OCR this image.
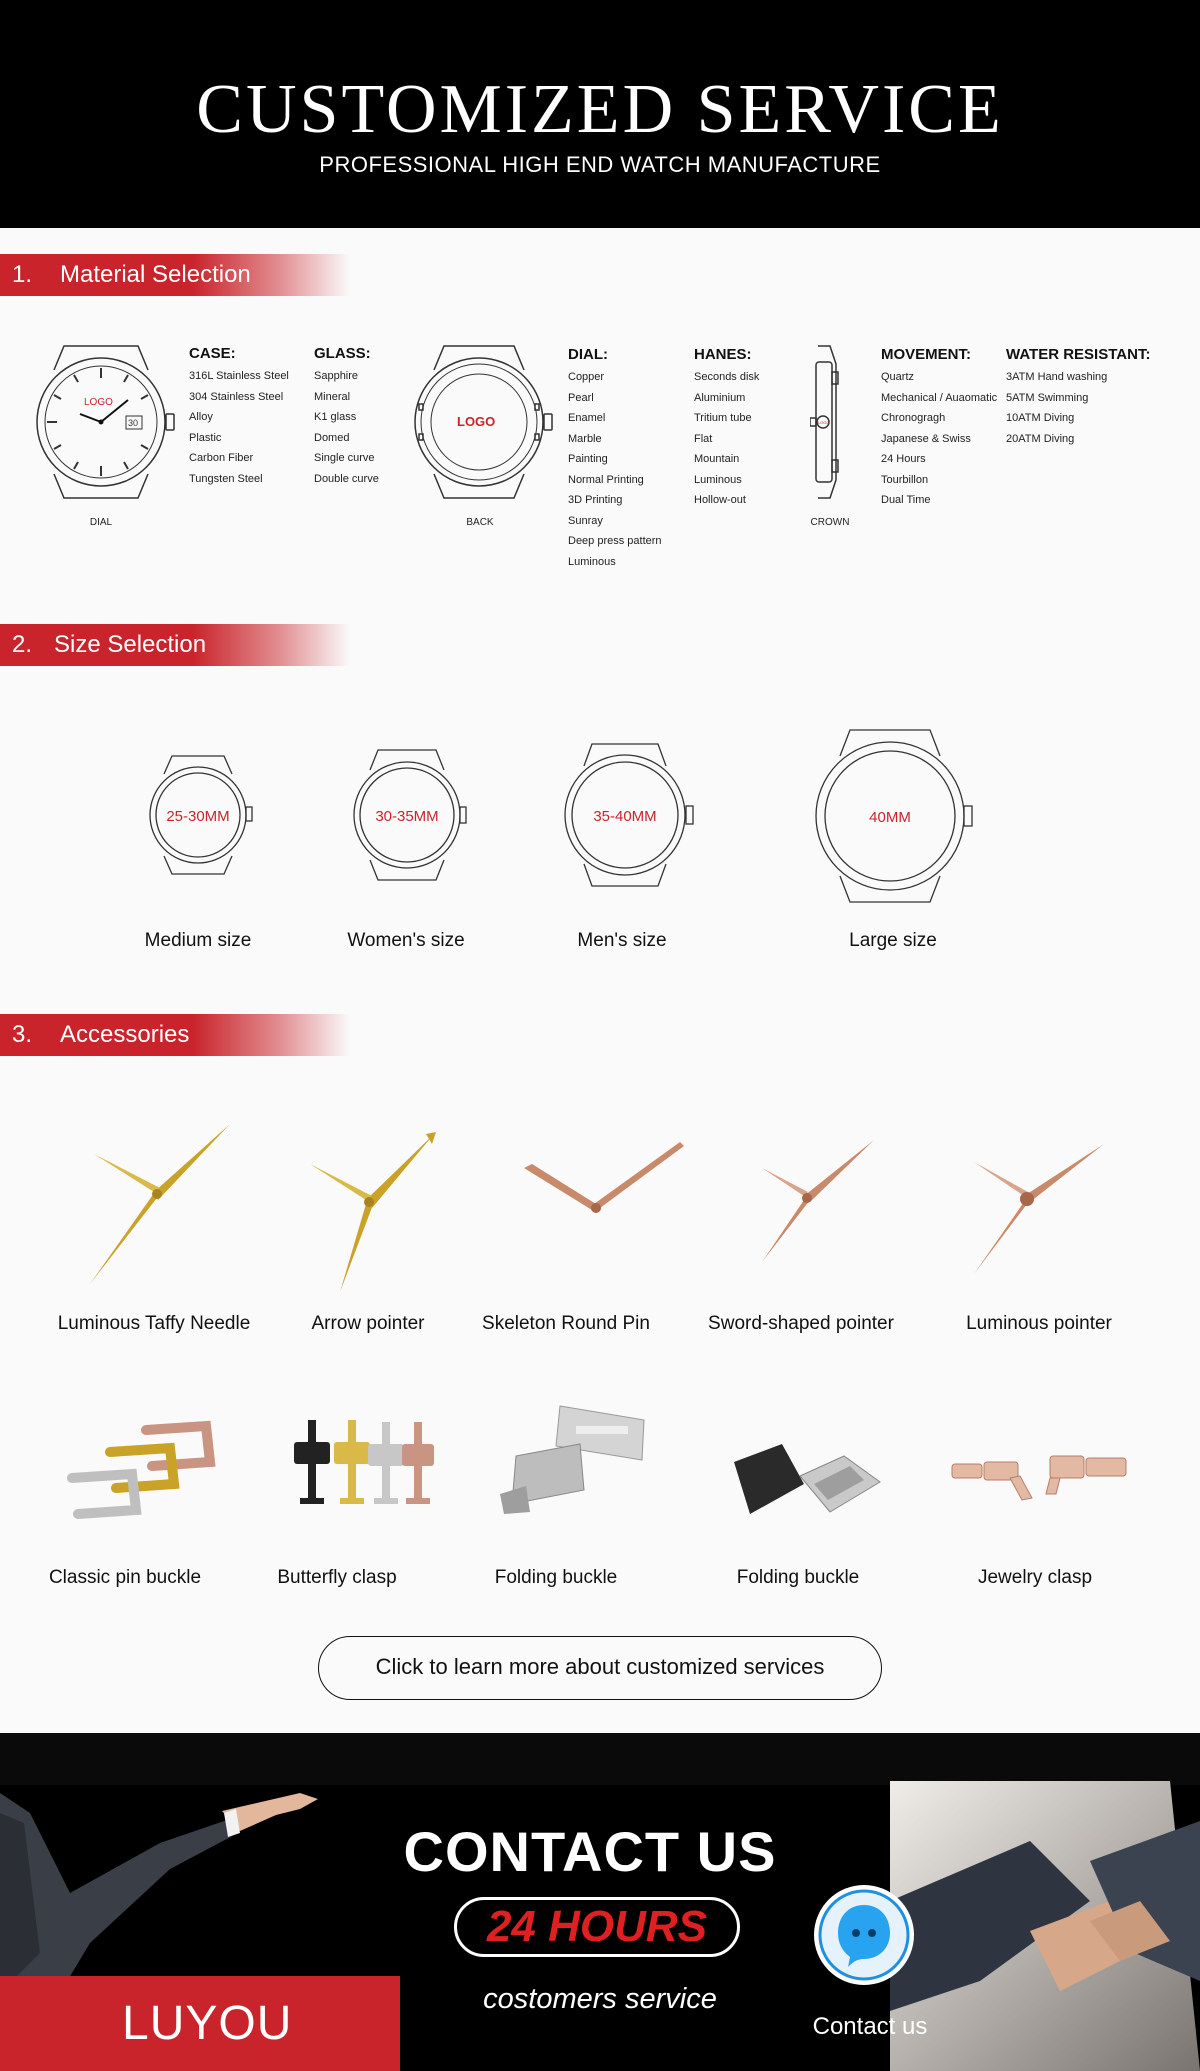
CUSTOMIZED SERVICE
PROFESSIONAL HIGH END WATCH MANUFACTURE
1. Material Selection
LOGO
30
DIAL
CASE:
316L Stainless Steel
304 Stainless Steel
Alloy
Plastic
Carbon Fiber
Tungsten Steel
GLASS:
Sapphire
Mineral
K1 glass
Domed
Single curve
Double curve
LOGO
BACK
DIAL:
Copper
Pearl
Enamel
Marble
Painting
Normal Printing
3D Printing
Sunray
Deep press pattern
Luminous
HANES:
Seconds disk
Aluminium
Tritium tube
Flat
Mountain
Luminous
Hollow-out
LOGO
CROWN
MOVEMENT:
Quartz
Mechanical / Auaomatic
Chronogragh
Japanese & Swiss
24 Hours
Tourbillon
Dual Time
WATER RESISTANT:
3ATM Hand washing
5ATM Swimming
10ATM Diving
20ATM Diving
2. Size Selection
25-30MM
Medium size
30-35MM
Women's size
35-40MM
Men's size
40MM
Large size
3. Accessories
Luminous Taffy Needle	Arrow pointer	Skeleton Round Pin	Sword-shaped pointer	Luminous pointer
Classic pin buckle	Butterfly clasp	Folding buckle	Folding buckle	Jewelry clasp
Click to learn more about customized services
LUYOU
CONTACT US
24 HOURS
costomers service
Contact us
